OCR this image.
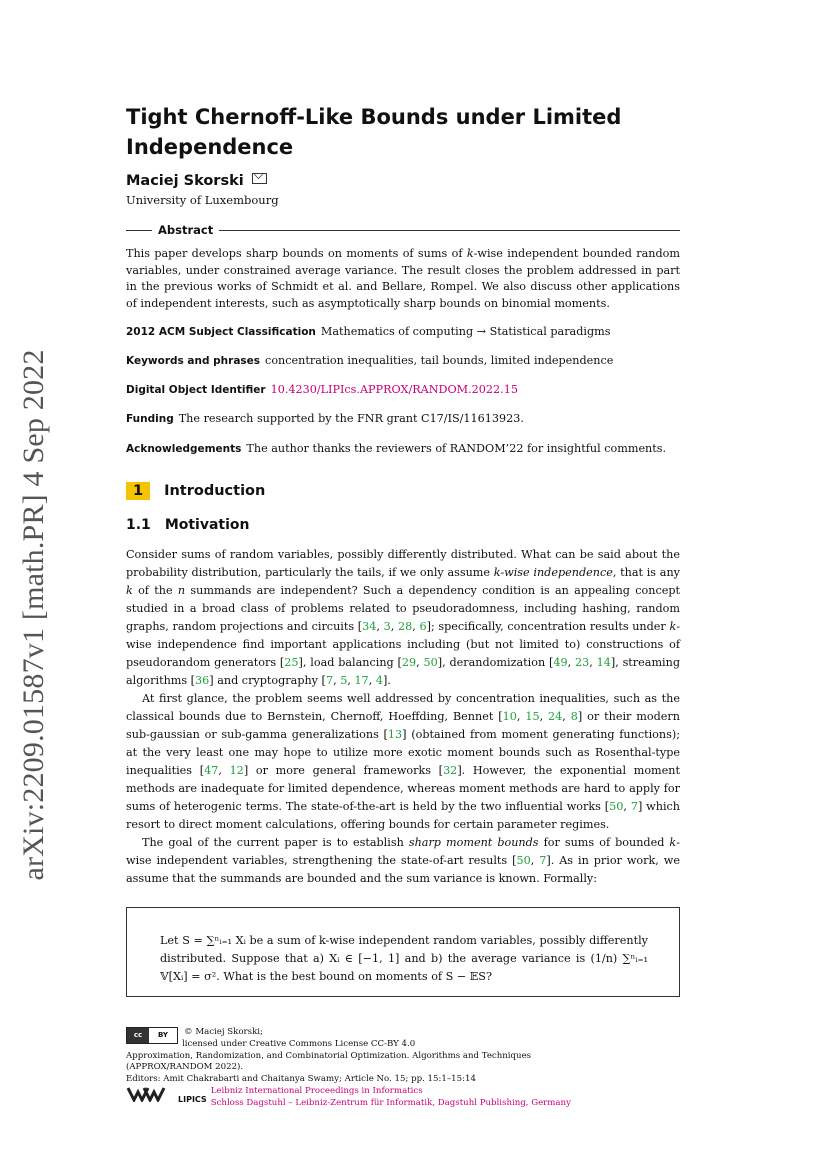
arXiv:2209.01587v1 [math.PR] 4 Sep 2022
Tight Chernoff-Like Bounds under Limited Independence
Maciej Skorski
University of Luxembourg
Abstract
This paper develops sharp bounds on moments of sums of k-wise independent bounded random variables, under constrained average variance. The result closes the problem addressed in part in the previous works of Schmidt et al. and Bellare, Rompel. We also discuss other applications of independent interests, such as asymptotically sharp bounds on binomial moments.
2012 ACM Subject Classification Mathematics of computing → Statistical paradigms
Keywords and phrases concentration inequalities, tail bounds, limited independence
Digital Object Identifier 10.4230/LIPIcs.APPROX/RANDOM.2022.15
Funding The research supported by the FNR grant C17/IS/11613923.
Acknowledgements The author thanks the reviewers of RANDOM’22 for insightful comments.
1 Introduction
1.1 Motivation

Consider sums of random variables, possibly differently distributed. What can be said about the probability distribution, particularly the tails, if we only assume k-wise independence, that is any k of the n summands are independent? Such a dependency condition is an appealing concept studied in a broad class of problems related to pseudoradomness, including hashing, random graphs, random projections and circuits [34, 3, 28, 6]; specifically, concentration results under k-wise independence find important applications including (but not limited to) constructions of pseudorandom generators [25], load balancing [29, 50], derandomization [49, 23, 14], streaming algorithms [36] and cryptography [7, 5, 17, 4].

At first glance, the problem seems well addressed by concentration inequalities, such as the classical bounds due to Bernstein, Chernoff, Hoeffding, Bennet [10, 15, 24, 8] or their modern sub-gaussian or sub-gamma generalizations [13] (obtained from moment generating functions); at the very least one may hope to utilize more exotic moment bounds such as Rosenthal-type inequalities [47, 12] or more general frameworks [32]. However, the exponential moment methods are inadequate for limited dependence, whereas moment methods are hard to apply for sums of heterogenic terms. The state-of-the-art is held by the two influential works [50, 7] which resort to direct moment calculations, offering bounds for certain parameter regimes.

The goal of the current paper is to establish sharp moment bounds for sums of bounded k-wise independent variables, strengthening the state-of-art results [50, 7]. As in prior work, we assume that the summands are bounded and the sum variance is known. Formally:

Let S = ∑ⁿᵢ₌₁ Xᵢ be a sum of k-wise independent random variables, possibly differently distributed. Suppose that a) Xᵢ ∈ [−1, 1] and b) the average variance is (1/n) ∑ⁿᵢ₌₁ 𝕍[Xᵢ] = σ². What is the best bound on moments of S − 𝔼S?
cc	BY	© Maciej Skorski;
licensed under Creative Commons License CC-BY 4.0
Approximation, Randomization, and Combinatorial Optimization. Algorithms and Techniques
(APPROX/RANDOM 2022).
Editors: Amit Chakrabarti and Chaitanya Swamy; Article No. 15; pp. 15:1–15:14
LIPICS
Leibniz International Proceedings in Informatics
Schloss Dagstuhl – Leibniz-Zentrum für Informatik, Dagstuhl Publishing, Germany
